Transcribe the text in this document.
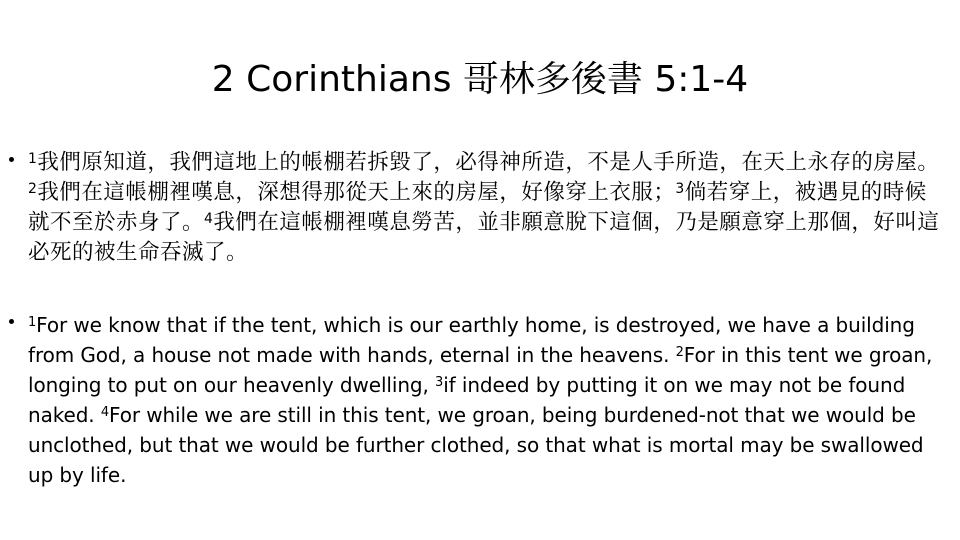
2 Corinthians 哥林多後書 5:1-4

$^1$我們原知道，我們這地上的帳棚若拆毀了，必得神所造，不是人手所造，在天上永存的房屋。$^2$我們在這帳棚裡嘆息，深想得那從天上來的房屋，好像穿上衣服；$^3$倘若穿上，被遇見的時候就不至於赤身了。$^4$我們在這帳棚裡嘆息勞苦，並非願意脫下這個，乃是願意穿上那個，好叫這必死的被生命吞滅了。

$^1$For we know that if the tent, which is our earthly home, is destroyed, we have a building from God, a house not made with hands, eternal in the heavens. $^2$For in this tent we groan, longing to put on our heavenly dwelling, $^3$if indeed by putting it on we may not be found naked. $^4$For while we are still in this tent, we groan, being burdened-not that we would be unclothed, but that we would be further clothed, so that what is mortal may be swallowed up by life.
